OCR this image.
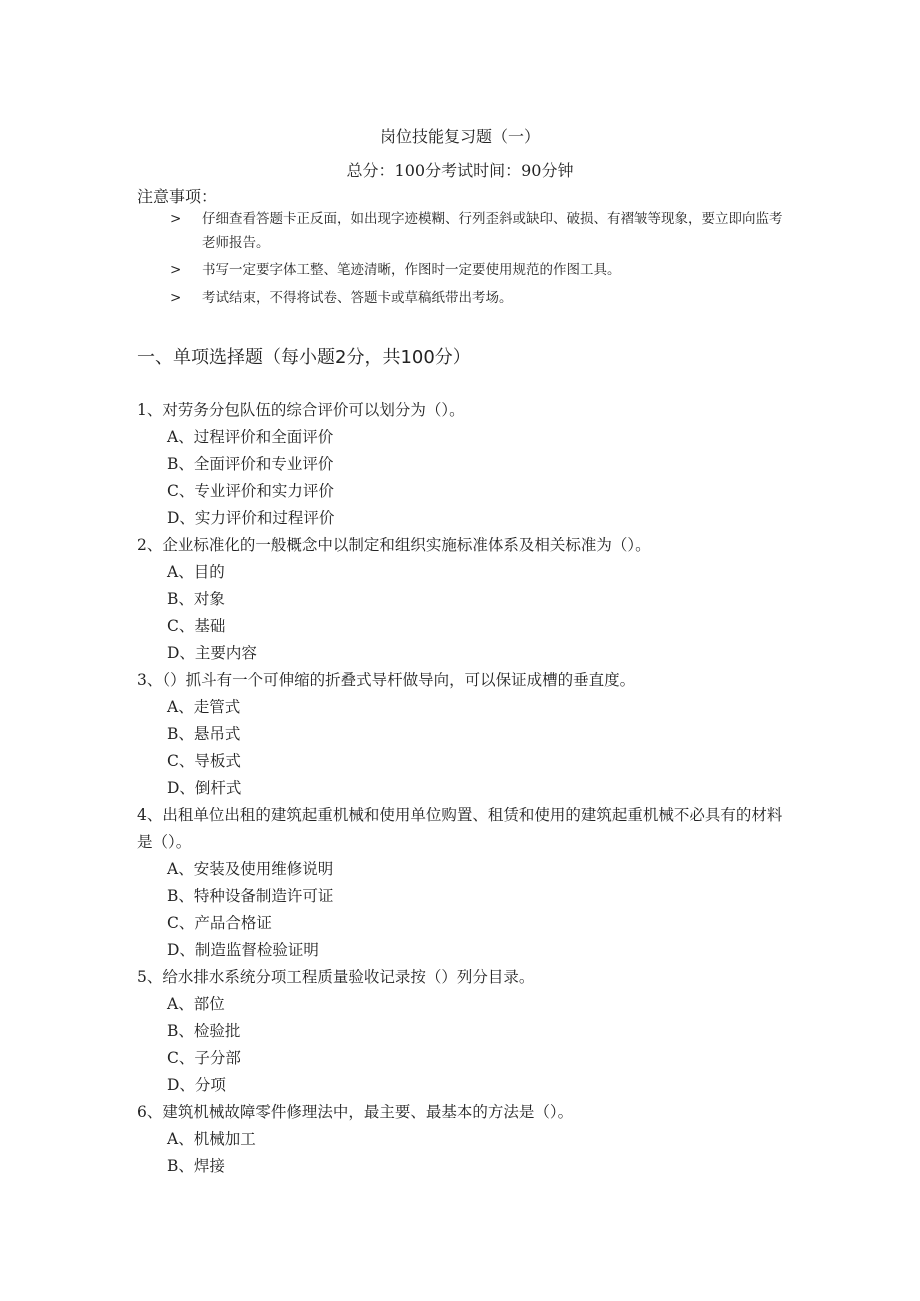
岗位技能复习题（一）
总分：100分考试时间：90分钟
注意事项：
> 仔细查看答题卡正反面，如出现字迹模糊、行列歪斜或缺印、破损、有褶皱等现象，要立即向监考老师报告。
> 书写一定要字体工整、笔迹清晰，作图时一定要使用规范的作图工具。
> 考试结束，不得将试卷、答题卡或草稿纸带出考场。
一、单项选择题（每小题2分，共100分）
1、对劳务分包队伍的综合评价可以划分为（）。
A、过程评价和全面评价
B、全面评价和专业评价
C、专业评价和实力评价
D、实力评价和过程评价
2、企业标准化的一般概念中以制定和组织实施标准体系及相关标准为（）。
A、目的
B、对象
C、基础
D、主要内容
3、（）抓斗有一个可伸缩的折叠式导杆做导向，可以保证成槽的垂直度。
A、走管式
B、悬吊式
C、导板式
D、倒杆式
4、出租单位出租的建筑起重机械和使用单位购置、租赁和使用的建筑起重机械不必具有的材料是（）。
A、安装及使用维修说明
B、特种设备制造许可证
C、产品合格证
D、制造监督检验证明
5、给水排水系统分项工程质量验收记录按（）列分目录。
A、部位
B、检验批
C、子分部
D、分项
6、建筑机械故障零件修理法中，最主要、最基本的方法是（）。
A、机械加工
B、焊接
